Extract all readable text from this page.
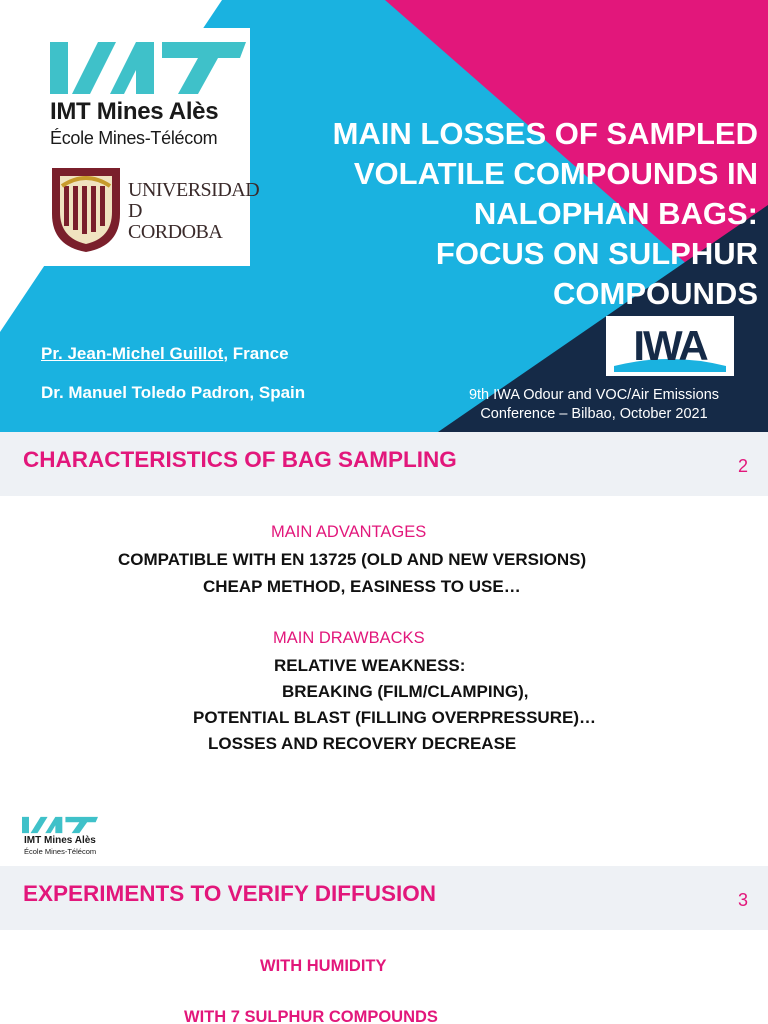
IMT Mines Alès
École Mines-Télécom
UNIVERSIDAD
D
CORDOBA
MAIN LOSSES OF SAMPLED
VOLATILE COMPOUNDS IN
NALOPHAN BAGS:
FOCUS ON SULPHUR
COMPOUNDS
IWA
Pr. Jean-Michel Guillot, France
Dr. Manuel Toledo Padron, Spain	9th IWA Odour and VOC/Air Emissions
Conference – Bilbao, October 2021
CHARACTERISTICS OF BAG SAMPLING	2
MAIN ADVANTAGES
COMPATIBLE WITH EN 13725 (OLD AND NEW VERSIONS)
CHEAP METHOD, EASINESS TO USE…
MAIN DRAWBACKS
RELATIVE WEAKNESS:
BREAKING (FILM/CLAMPING),
POTENTIAL BLAST (FILLING OVERPRESSURE)…
LOSSES AND RECOVERY DECREASE
IMT Mines Alès
École Mines-Télécom
EXPERIMENTS TO VERIFY DIFFUSION	3
WITH HUMIDITY
WITH 7 SULPHUR COMPOUNDS
